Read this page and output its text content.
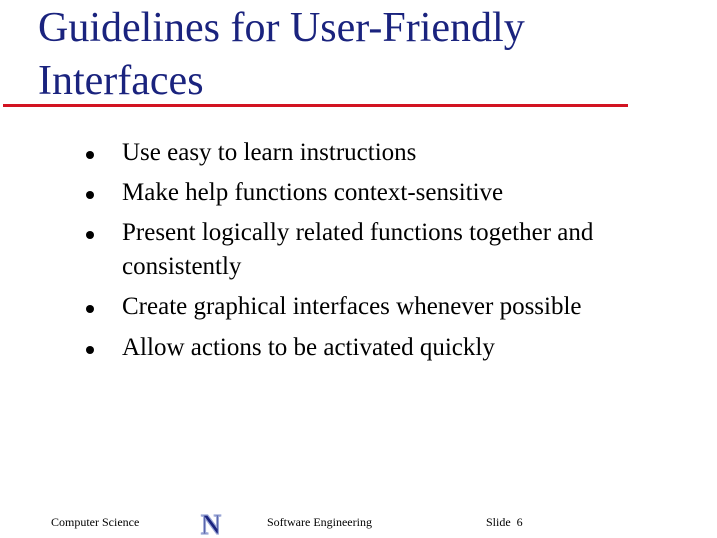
Guidelines for User-Friendly Interfaces
Use easy to learn instructions
Make help functions context-sensitive
Present logically related functions together and consistently
Create graphical interfaces whenever possible
Allow actions to be activated quickly
Computer Science N	Software Engineering	Slide 6
